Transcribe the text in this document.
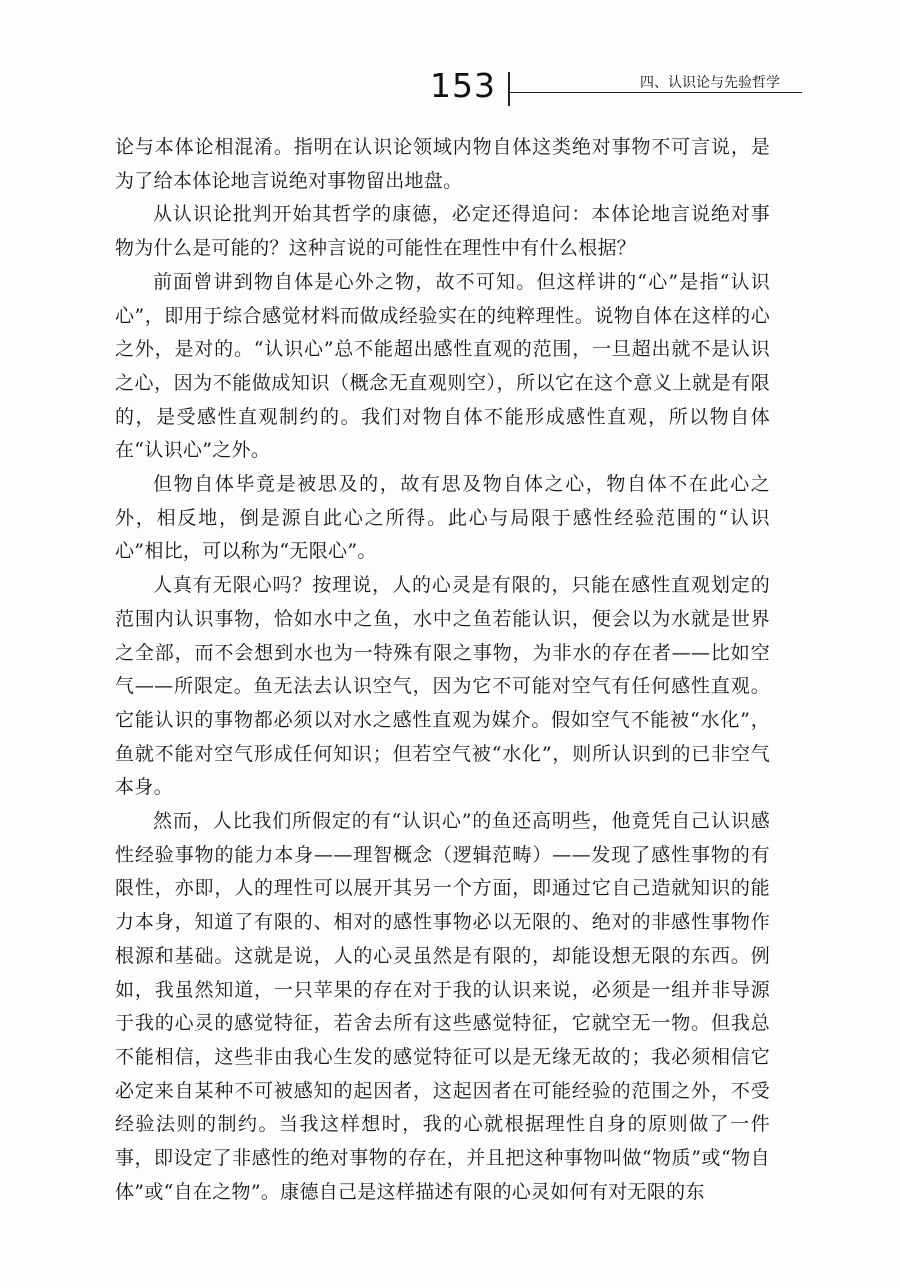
153	四、认识论与先验哲学

论与本体论相混淆。指明在认识论领域内物自体这类绝对事物不可言说，是为了给本体论地言说绝对事物留出地盘。

从认识论批判开始其哲学的康德，必定还得追问：本体论地言说绝对事物为什么是可能的？这种言说的可能性在理性中有什么根据？

前面曾讲到物自体是心外之物，故不可知。但这样讲的“心”是指“认识心”，即用于综合感觉材料而做成经验实在的纯粹理性。说物自体在这样的心之外，是对的。“认识心”总不能超出感性直观的范围，一旦超出就不是认识之心，因为不能做成知识（概念无直观则空），所以它在这个意义上就是有限的，是受感性直观制约的。我们对物自体不能形成感性直观，所以物自体在“认识心”之外。

但物自体毕竟是被思及的，故有思及物自体之心，物自体不在此心之外，相反地，倒是源自此心之所得。此心与局限于感性经验范围的“认识心”相比，可以称为“无限心”。

人真有无限心吗？按理说，人的心灵是有限的，只能在感性直观划定的范围内认识事物，恰如水中之鱼，水中之鱼若能认识，便会以为水就是世界之全部，而不会想到水也为一特殊有限之事物，为非水的存在者——比如空气——所限定。鱼无法去认识空气，因为它不可能对空气有任何感性直观。它能认识的事物都必须以对水之感性直观为媒介。假如空气不能被“水化”，鱼就不能对空气形成任何知识；但若空气被“水化”，则所认识到的已非空气本身。

然而，人比我们所假定的有“认识心”的鱼还高明些，他竟凭自己认识感性经验事物的能力本身——理智概念（逻辑范畴）——发现了感性事物的有限性，亦即，人的理性可以展开其另一个方面，即通过它自己造就知识的能力本身，知道了有限的、相对的感性事物必以无限的、绝对的非感性事物作根源和基础。这就是说，人的心灵虽然是有限的，却能设想无限的东西。例如，我虽然知道，一只苹果的存在对于我的认识来说，必须是一组并非导源于我的心灵的感觉特征，若舍去所有这些感觉特征，它就空无一物。但我总不能相信，这些非由我心生发的感觉特征可以是无缘无故的；我必须相信它必定来自某种不可被感知的起因者，这起因者在可能经验的范围之外，不受经验法则的制约。当我这样想时，我的心就根据理性自身的原则做了一件事，即设定了非感性的绝对事物的存在，并且把这种事物叫做“物质”或“物自体”或“自在之物”。康德自己是这样描述有限的心灵如何有对无限的东
